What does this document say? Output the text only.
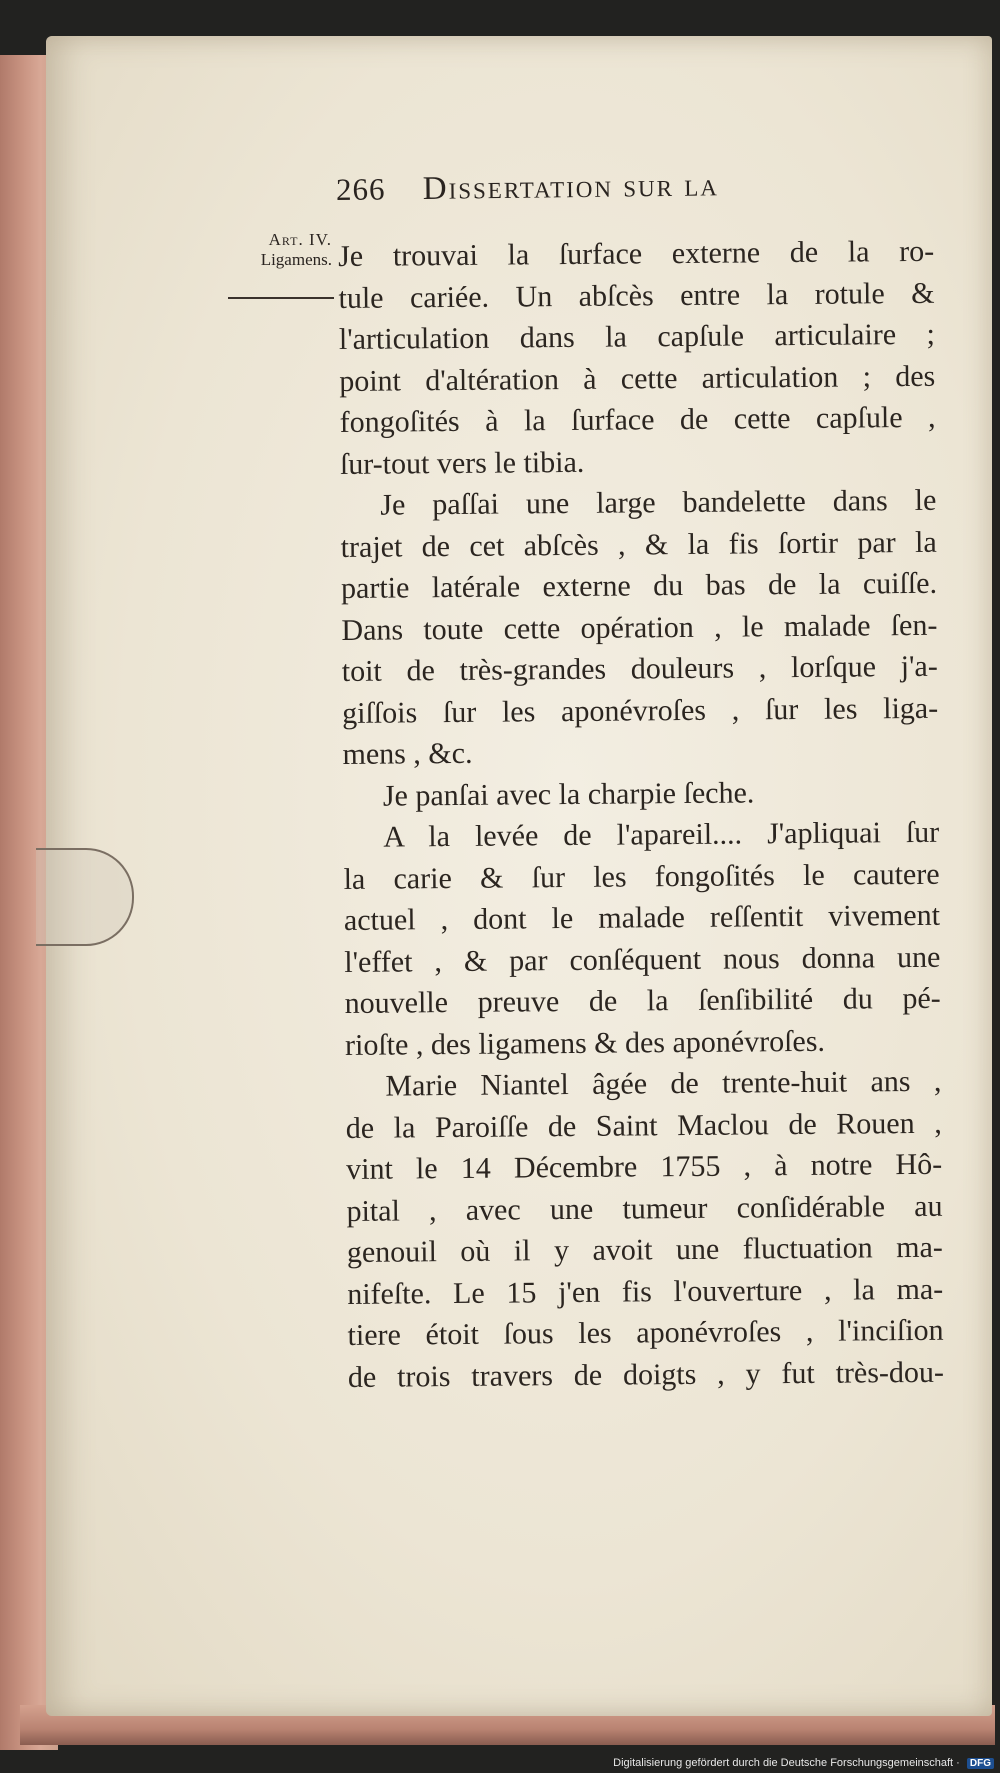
266 Dissertation sur la
Art. IV.
Ligamens. Je trouvai la ſurface externe de la ro-
tule cariée. Un abſcès entre la rotule &
l'articulation dans la capſule articulaire ;
point d'altération à cette articulation ; des
fongoſités à la ſurface de cette capſule ,
ſur-tout vers le tibia.
Je paſſai une large bandelette dans le
trajet de cet abſcès , & la fis ſortir par la
partie latérale externe du bas de la cuiſſe.
Dans toute cette opération , le malade ſen-
toit de très-grandes douleurs , lorſque j'a-
giſſois ſur les aponévroſes , ſur les liga-
mens , &c.
Je panſai avec la charpie ſeche.
A la levée de l'apareil.... J'apliquai ſur
la carie & ſur les fongoſités le cautere
actuel , dont le malade reſſentit vivement
l'effet , & par conſéquent nous donna une
nouvelle preuve de la ſenſibilité du pé-
rioſte , des ligamens & des aponévroſes.
Marie Niantel âgée de trente-huit ans ,
de la Paroiſſe de Saint Maclou de Rouen ,
vint le 14 Décembre 1755 , à notre Hô-
pital , avec une tumeur conſidérable au
genouil où il y avoit une fluctuation ma-
nifeſte. Le 15 j'en fis l'ouverture , la ma-
tiere étoit ſous les aponévroſes , l'inciſion
de trois travers de doigts , y fut très-dou-
Digitalisierung gefördert durch die Deutsche Forschungsgemeinschaft · DFG
